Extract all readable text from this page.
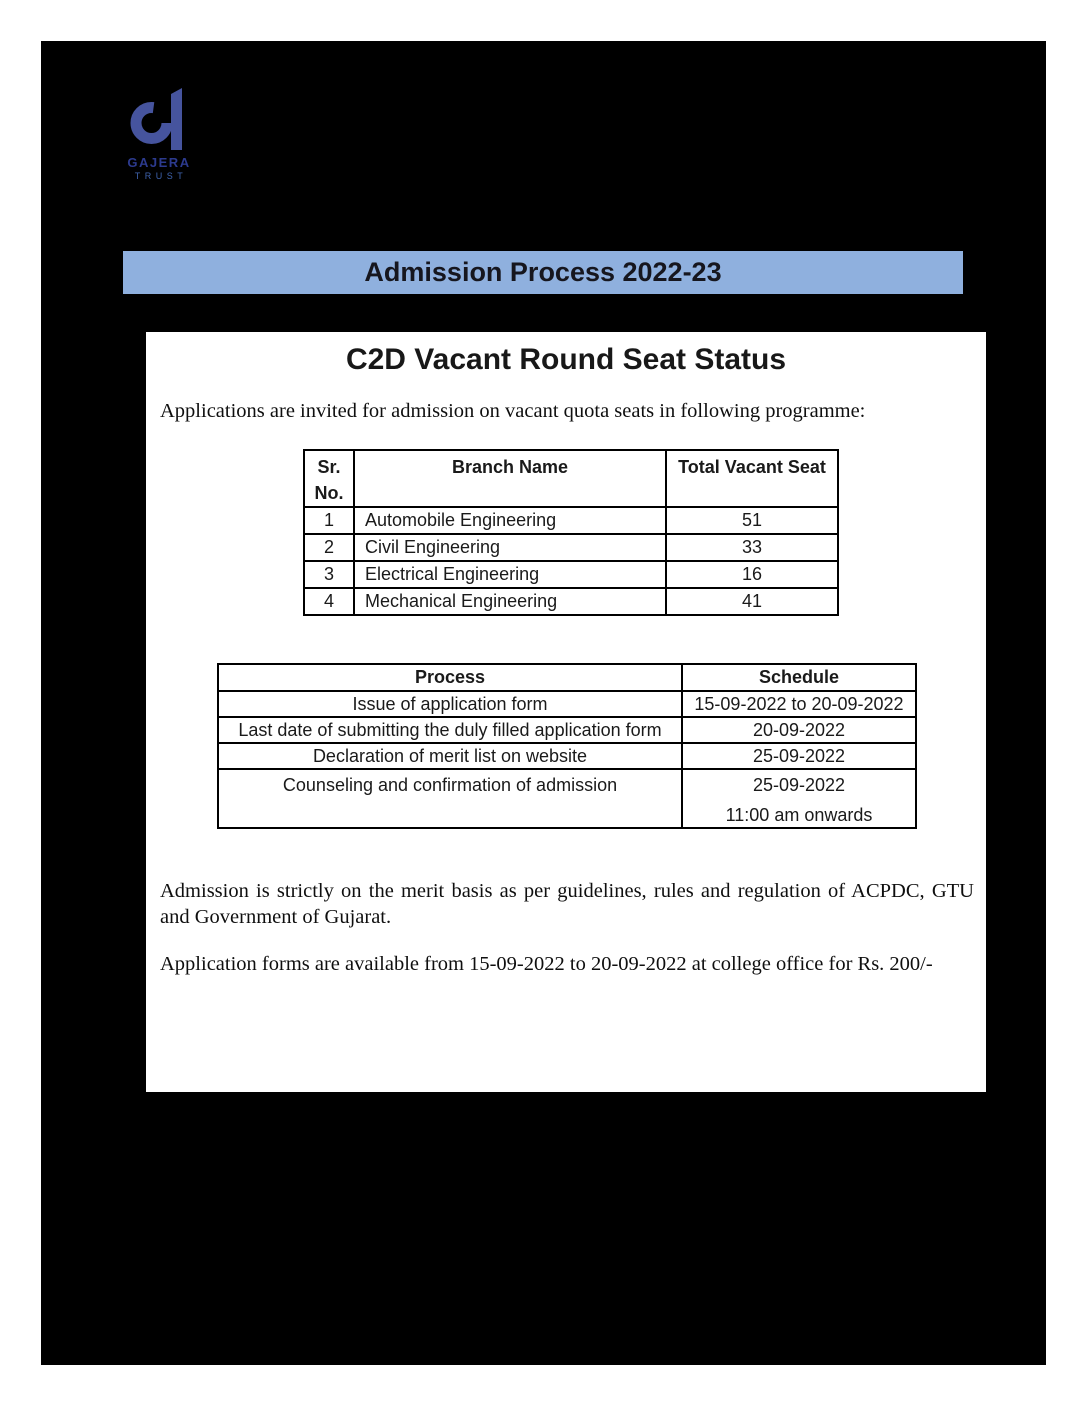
GAJERA
TRUST
Admission Process 2022-23
C2D Vacant Round Seat Status
Applications are invited for admission on vacant quota seats in following programme:
Sr.
No.	Branch Name	Total Vacant Seat
1	Automobile Engineering	51
2	Civil Engineering	33
3	Electrical Engineering	16
4	Mechanical Engineering	41
Process	Schedule
Issue of application form	15-09-2022 to 20-09-2022
Last date of submitting the duly filled application form	20-09-2022
Declaration of merit list on website	25-09-2022
Counseling and confirmation of admission	25-09-2022
11:00 am onwards
Admission is strictly on the merit basis as per guidelines, rules and regulation of ACPDC, GTU and Government of Gujarat.
Application forms are available from 15-09-2022 to 20-09-2022 at college office for Rs. 200/-
